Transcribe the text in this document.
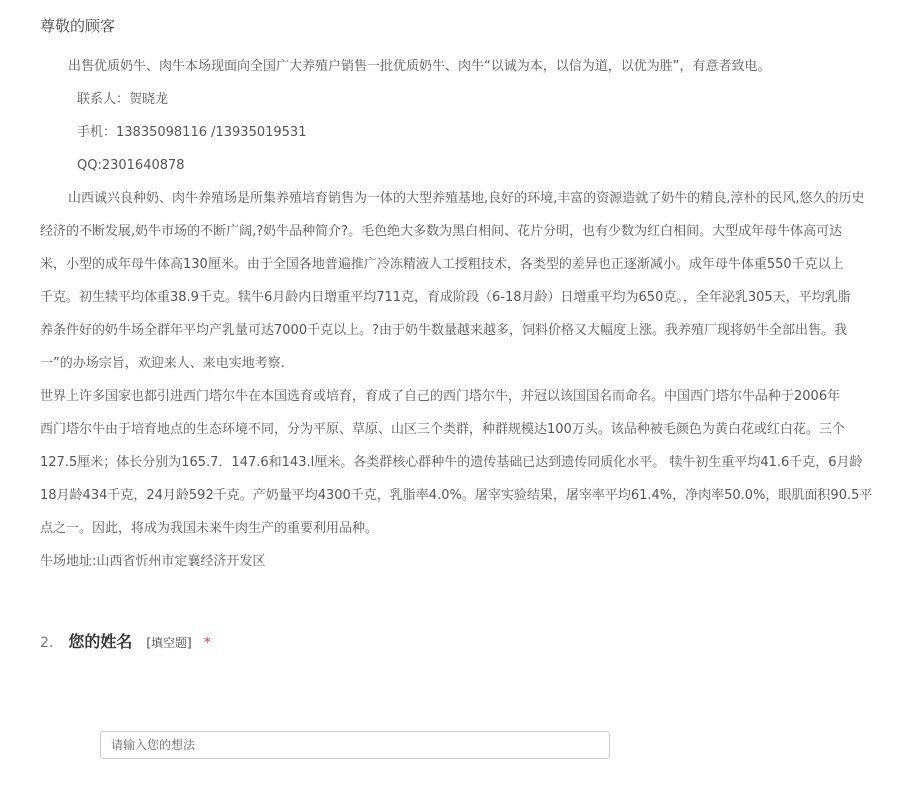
尊敬的顾客
出售优质奶牛、肉牛本场现面向全国广大养殖户销售一批优质奶牛、肉牛“以诚为本，以信为道，以优为胜”，有意者致电。
联系人：贺晓龙
手机：13835098116 /13935019531
QQ:2301640878
山西诚兴良种奶、肉牛养殖场是所集养殖培育销售为一体的大型养殖基地,良好的环境,丰富的资源造就了奶牛的精良,淳朴的民风,悠久的历史
经济的不断发展,奶牛市场的不断广阔,?奶牛品种简介?。毛色绝大多数为黑白相间、花片分明，也有少数为红白相间。大型成年母牛体高可达
米，小型的成年母牛体高130厘米。由于全国各地普遍推广冷冻精液人工授粗技术，各类型的差异也正逐渐减小。成年母牛体重550千克以上
千克。初生犊平均体重38.9千克。犊牛6月龄内日增重平均711克，育成阶段（6-18月龄）日增重平均为650克。，全年泌乳305天，平均乳脂
养条件好的奶牛场全群年平均产乳量可达7000千克以上。?由于奶牛数量越来越多，饲料价格又大幅度上涨。我养殖厂现将奶牛全部出售。我
一”的办场宗旨，欢迎来人、来电实地考察.
世界上许多国家也都引进西门塔尔牛在本国选育或培育，育成了自己的西门塔尔牛，并冠以该国国名而命名。中国西门塔尔牛品种于2006年
西门塔尔牛由于培育地点的生态环境不同，分为平原、草原、山区三个类群，种群规模达100万头。该品种被毛颜色为黄白花或红白花。三个
127.5厘米；体长分别为165.7．147.6和143.l厘米。各类群核心群种牛的遗传基础已达到遗传同质化水平。 犊牛初生重平均41.6千克，6月龄
18月龄434千克，24月龄592千克。产奶量平均4300千克，乳脂率4.0%。屠宰实验结果，屠宰率平均61.4%，净肉率50.0%，眼肌面积90.5平
点之一。因此，将成为我国未来牛肉生产的重要利用品种。
牛场地址:山西省忻州市定襄经济开发区
2. 您的姓名 [填空题] *
请输入您的想法
